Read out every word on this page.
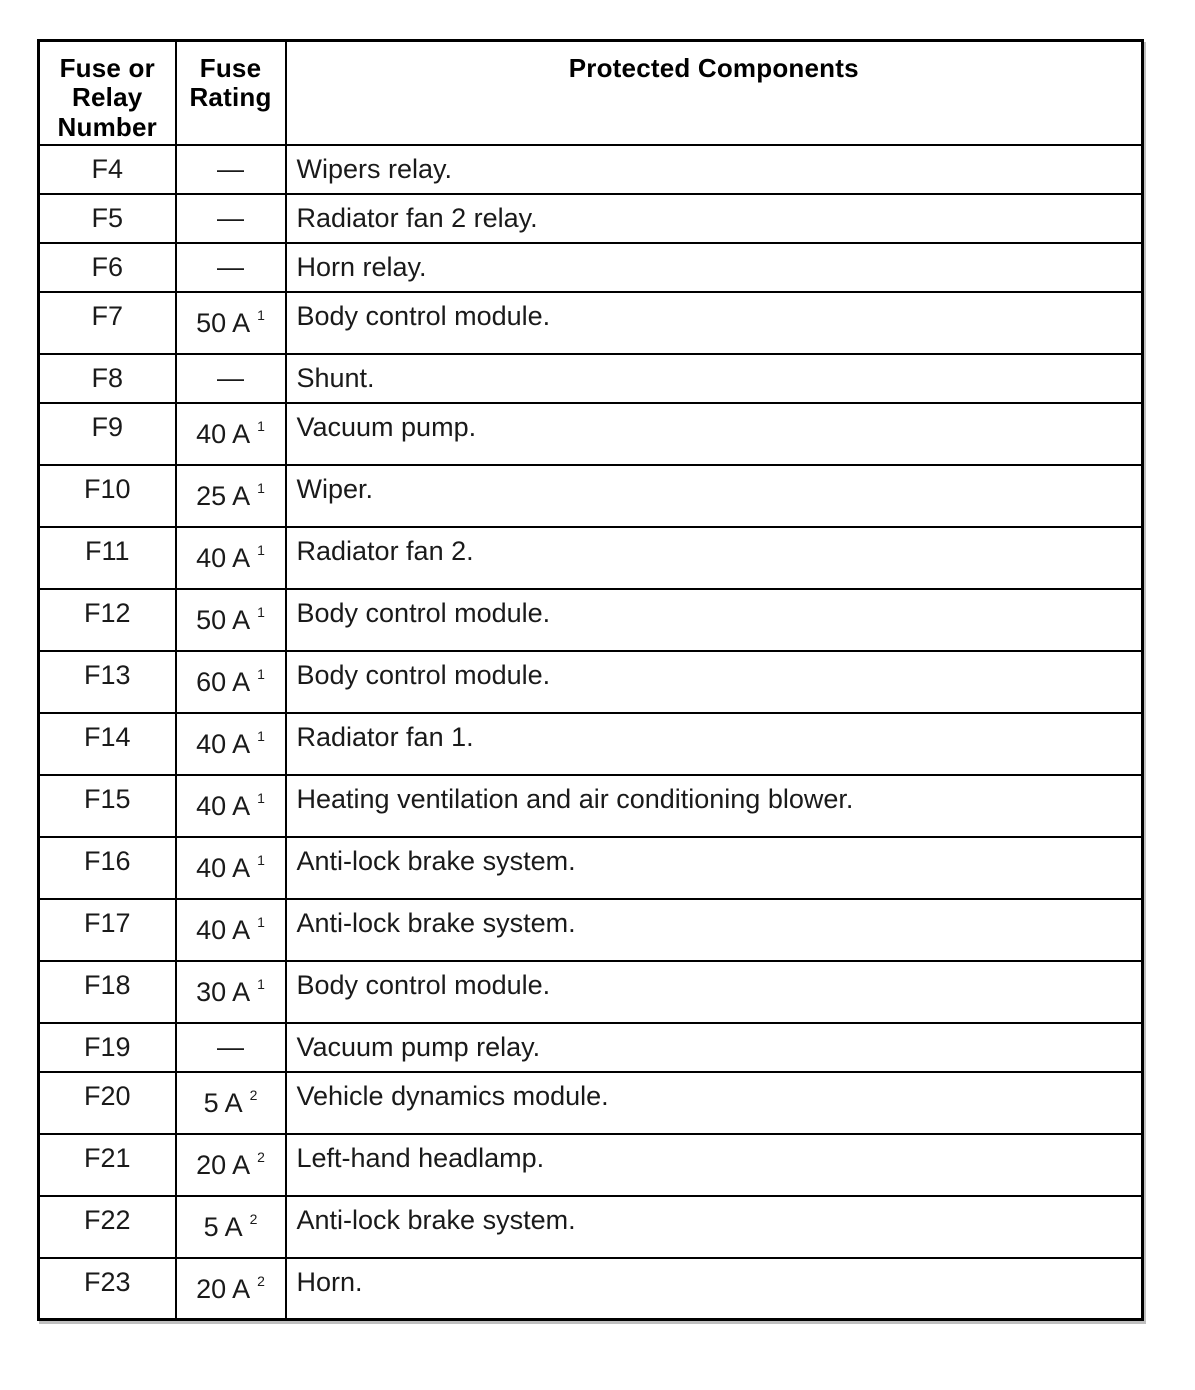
Fuse or Relay Number	Fuse Rating	Protected Components
F4	—	Wipers relay.
F5	—	Radiator fan 2 relay.
F6	—	Horn relay.
F7	50 A $^1$	Body control module.
F8	—	Shunt.
F9	40 A $^1$	Vacuum pump.
F10	25 A $^1$	Wiper.
F11	40 A $^1$	Radiator fan 2.
F12	50 A $^1$	Body control module.
F13	60 A $^1$	Body control module.
F14	40 A $^1$	Radiator fan 1.
F15	40 A $^1$	Heating ventilation and air conditioning blower.
F16	40 A $^1$	Anti-lock brake system.
F17	40 A $^1$	Anti-lock brake system.
F18	30 A $^1$	Body control module.
F19	—	Vacuum pump relay.
F20	5 A $^2$	Vehicle dynamics module.
F21	20 A $^2$	Left-hand headlamp.
F22	5 A $^2$	Anti-lock brake system.
F23	20 A $^2$	Horn.
